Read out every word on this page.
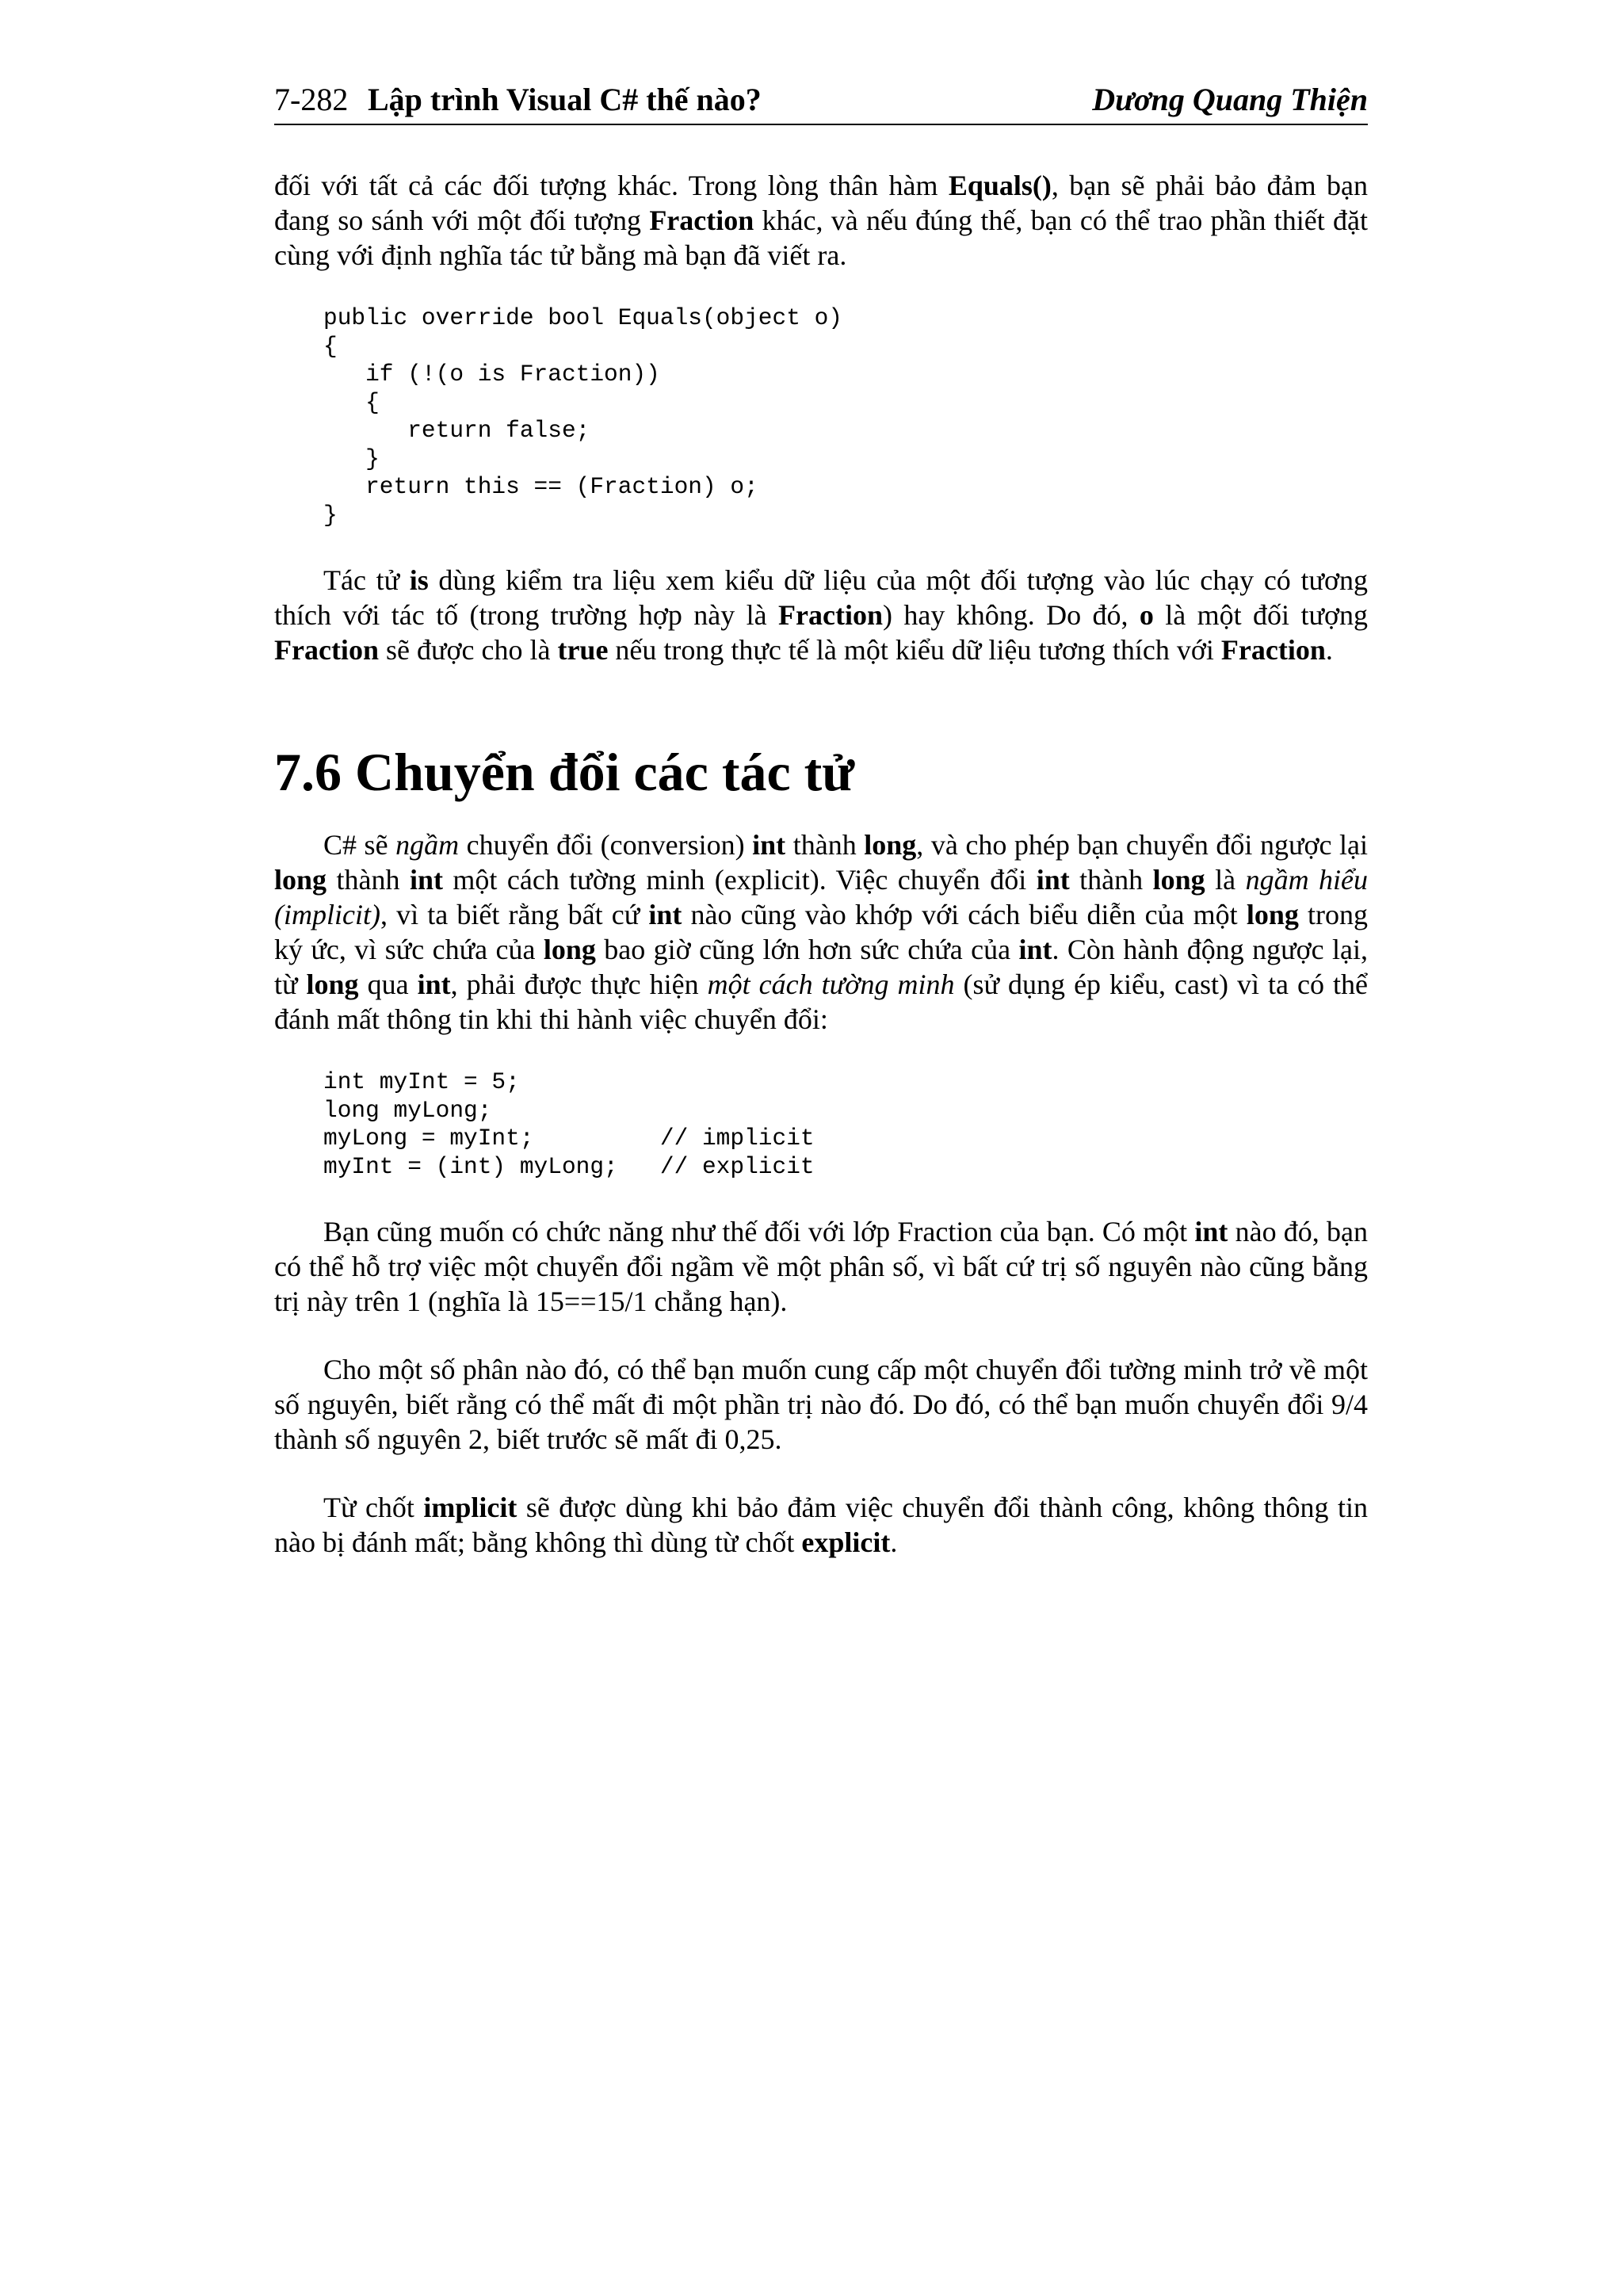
7-282 Lập trình Visual C# thế nào?	Dương Quang Thiện

đối với tất cả các đối tượng khác. Trong lòng thân hàm Equals(), bạn sẽ phải bảo đảm bạn đang so sánh với một đối tượng Fraction khác, và nếu đúng thế, bạn có thể trao phần thiết đặt cùng với định nghĩa tác tử bằng mà bạn đã viết ra.

public override bool Equals(object o)
{
if (!(o is Fraction))
{
return false;
}
return this == (Fraction) o;
}

Tác tử is dùng kiểm tra liệu xem kiểu dữ liệu của một đối tượng vào lúc chạy có tương thích với tác tố (trong trường hợp này là Fraction) hay không. Do đó, o là một đối tượng Fraction sẽ được cho là true nếu trong thực tế là một kiểu dữ liệu tương thích với Fraction.

7.6 Chuyển đổi các tác tử

C# sẽ ngầm chuyển đổi (conversion) int thành long, và cho phép bạn chuyển đổi ngược lại long thành int một cách tường minh (explicit). Việc chuyển đổi int thành long là ngầm hiểu (implicit), vì ta biết rằng bất cứ int nào cũng vào khớp với cách biểu diễn của một long trong ký ức, vì sức chứa của long bao giờ cũng lớn hơn sức chứa của int. Còn hành động ngược lại, từ long qua int, phải được thực hiện một cách tường minh (sử dụng ép kiểu, cast) vì ta có thể đánh mất thông tin khi thi hành việc chuyển đổi:

int myInt = 5;
long myLong;
myLong = myInt;         // implicit
myInt = (int) myLong;   // explicit

Bạn cũng muốn có chức năng như thế đối với lớp Fraction của bạn. Có một int nào đó, bạn có thể hỗ trợ việc một chuyển đổi ngầm về một phân số, vì bất cứ trị số nguyên nào cũng bằng trị này trên 1 (nghĩa là 15==15/1 chẳng hạn).

Cho một số phân nào đó, có thể bạn muốn cung cấp một chuyển đổi tường minh trở về một số nguyên, biết rằng có thể mất đi một phần trị nào đó. Do đó, có thể bạn muốn chuyển đổi 9/4 thành số nguyên 2, biết trước sẽ mất đi 0,25.

Từ chốt implicit sẽ được dùng khi bảo đảm việc chuyển đổi thành công, không thông tin nào bị đánh mất; bằng không thì dùng từ chốt explicit.
